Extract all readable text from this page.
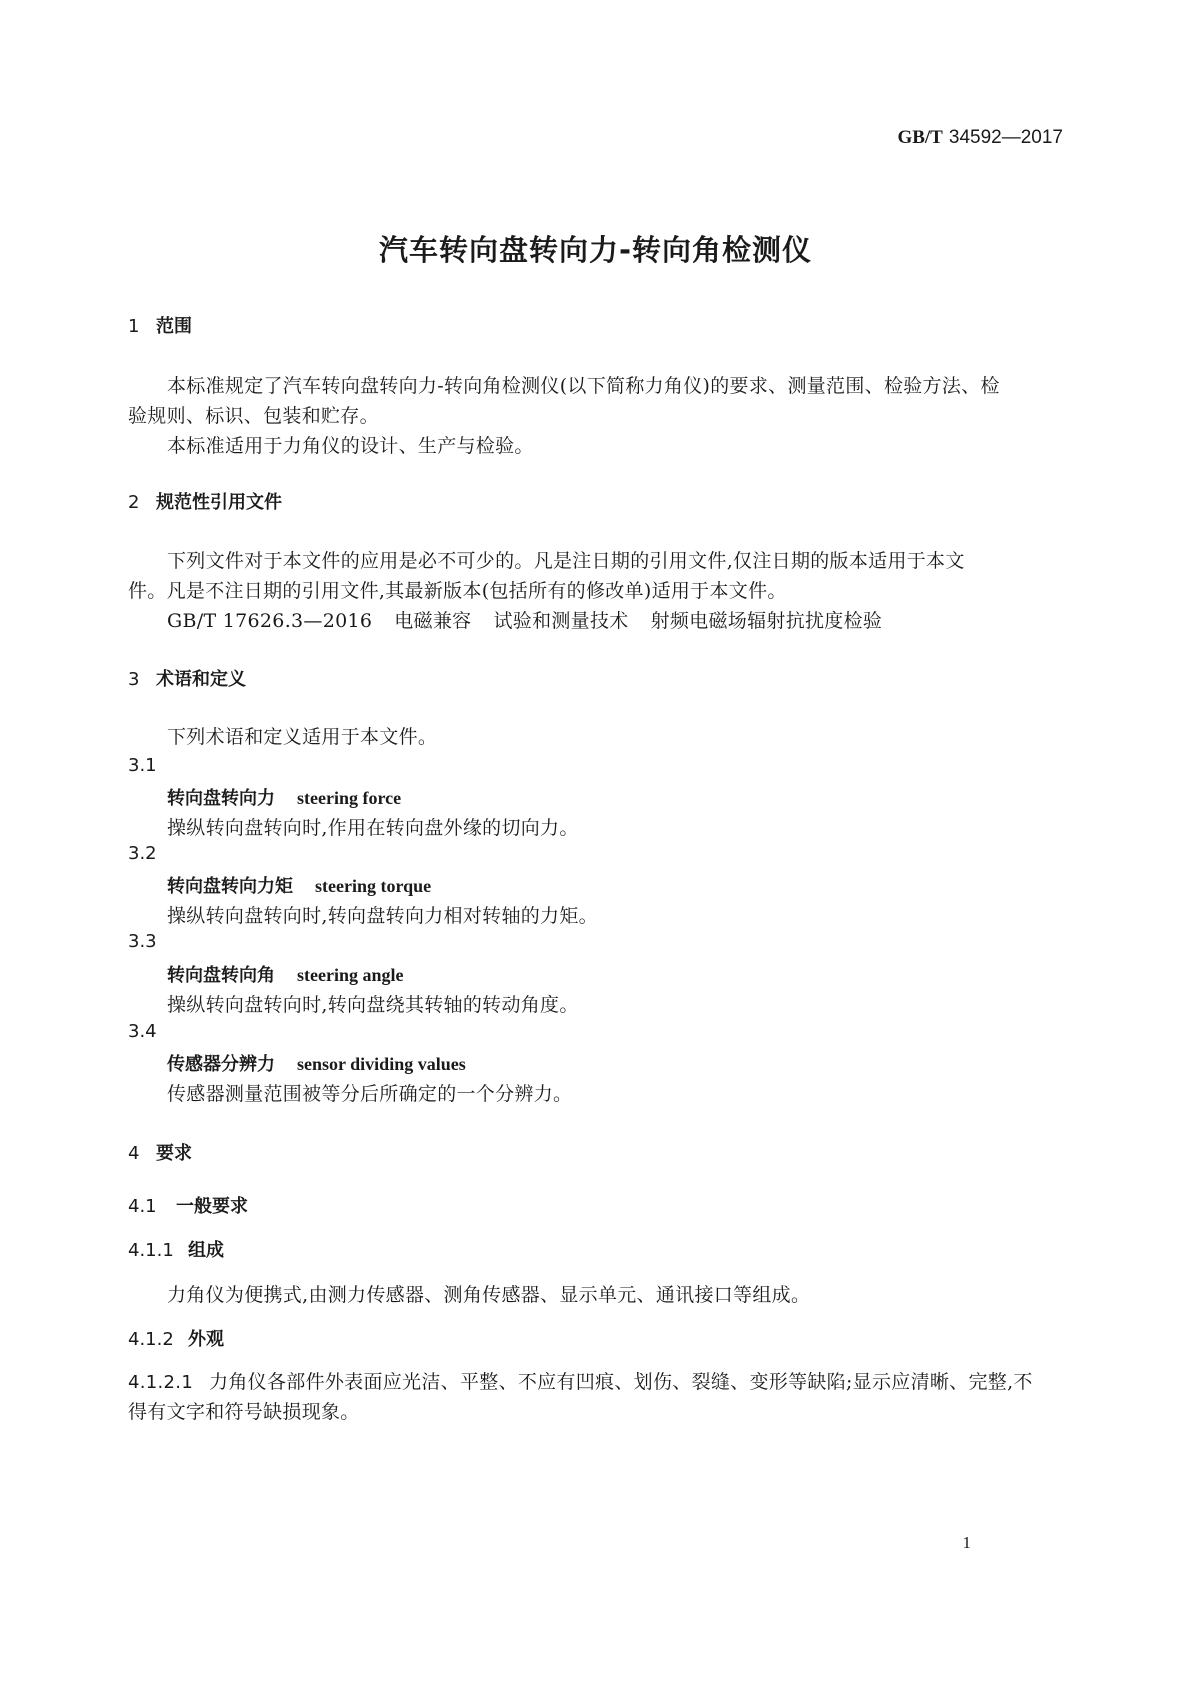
GB/T 34592—2017
汽车转向盘转向力-转向角检测仪
1 范围
本标准规定了汽车转向盘转向力-转向角检测仪(以下简称力角仪)的要求、测量范围、检验方法、检
验规则、标识、包装和贮存。
本标准适用于力角仪的设计、生产与检验。
2 规范性引用文件
下列文件对于本文件的应用是必不可少的。凡是注日期的引用文件,仅注日期的版本适用于本文
件。凡是不注日期的引用文件,其最新版本(包括所有的修改单)适用于本文件。
GB/T 17626.3—2016 电磁兼容 试验和测量技术 射频电磁场辐射抗扰度检验
3 术语和定义
下列术语和定义适用于本文件。
3.1
转向盘转向力 steering force
操纵转向盘转向时,作用在转向盘外缘的切向力。
3.2
转向盘转向力矩 steering torque
操纵转向盘转向时,转向盘转向力相对转轴的力矩。
3.3
转向盘转向角 steering angle
操纵转向盘转向时,转向盘绕其转轴的转动角度。
3.4
传感器分辨力 sensor dividing values
传感器测量范围被等分后所确定的一个分辨力。
4 要求
4.1 一般要求
4.1.1 组成
力角仪为便携式,由测力传感器、测角传感器、显示单元、通讯接口等组成。
4.1.2 外观
4.1.2.1 力角仪各部件外表面应光洁、平整、不应有凹痕、划伤、裂缝、变形等缺陷;显示应清晰、完整,不
得有文字和符号缺损现象。
1
